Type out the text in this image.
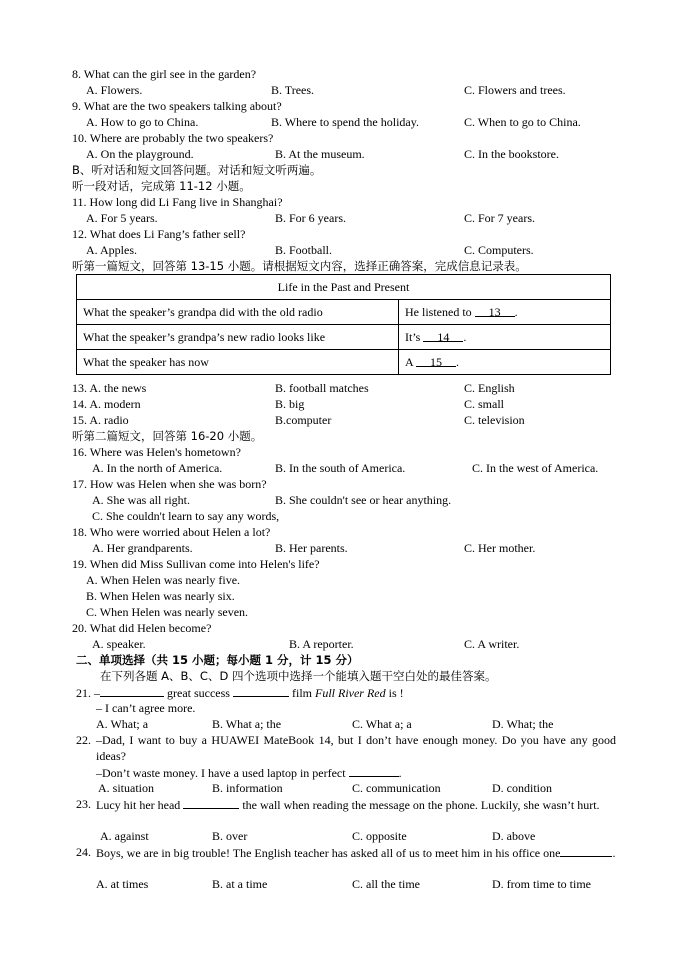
8. What can the girl see in the garden?
A. Flowers.	B. Trees.	C. Flowers and trees.
9. What are the two speakers talking about?
A. How to go to China.	B. Where to spend the holiday.	C. When to go to China.
10. Where are probably the two speakers?
A. On the playground.	B. At the museum.	C. In the bookstore.
B、听对话和短文回答问题。对话和短文听两遍。
听一段对话，完成第 11-12 小题。
11. How long did Li Fang live in Shanghai?
A. For 5 years.	B. For 6 years.	C. For 7 years.
12. What does Li Fang’s father sell?
A. Apples.	B. Football.	C. Computers.
听第一篇短文，回答第 13-15 小题。请根据短文内容，选择正确答案，完成信息记录表。
Life in the Past and Present	
What the speaker’s grandpa did with the old radio	He listened to 13 .
What the speaker’s grandpa’s new radio looks like	It’s 14 .
What the speaker has now	A 15 .
13. A. the news	B. football matches	C. English
14. A. modern	B. big	C. small
15. A. radio	B.computer	C. television
听第二篇短文，回答第 16-20 小题。
16. Where was Helen's hometown?
A. In the north of America.	B. In the south of America.	C. In the west of America.
17. How was Helen when she was born?
A. She was all right.	B. She couldn't see or hear anything.
C. She couldn't learn to say any words,
18. Who were worried about Helen a lot?
A. Her grandparents.	B. Her parents.	C. Her mother.
19. When did Miss Sullivan come into Helen's life?
A. When Helen was nearly five.
B. When Helen was nearly six.
C. When Helen was nearly seven.
20. What did Helen become?
A. speaker.	B. A reporter.	C. A writer.
二、单项选择（共 15 小题；每小题 1 分，计 15 分）
在下列各题 A、B、C、D 四个选项中选择一个能填入题干空白处的最佳答案。
21. –	great success	film Full River Red is !
– I can’t agree more.
A. What; a	B. What a; the	C. What a; a	D. What; the
22. –Dad, I want to buy a HUAWEI MateBook 14, but I don’t have enough money. Do you have any good ideas?
–Don’t waste money. I have a used laptop in perfect	.
A. situation	B. information	C. communication	D. condition
23. Lucy hit her head	the wall when reading the message on the phone. Luckily, she wasn’t hurt.
A. against	B. over	C. opposite	D. above
24. Boys, we are in big trouble! The English teacher has asked all of us to meet him in his office one	.
A. at times	B. at a time	C. all the time	D. from time to time
